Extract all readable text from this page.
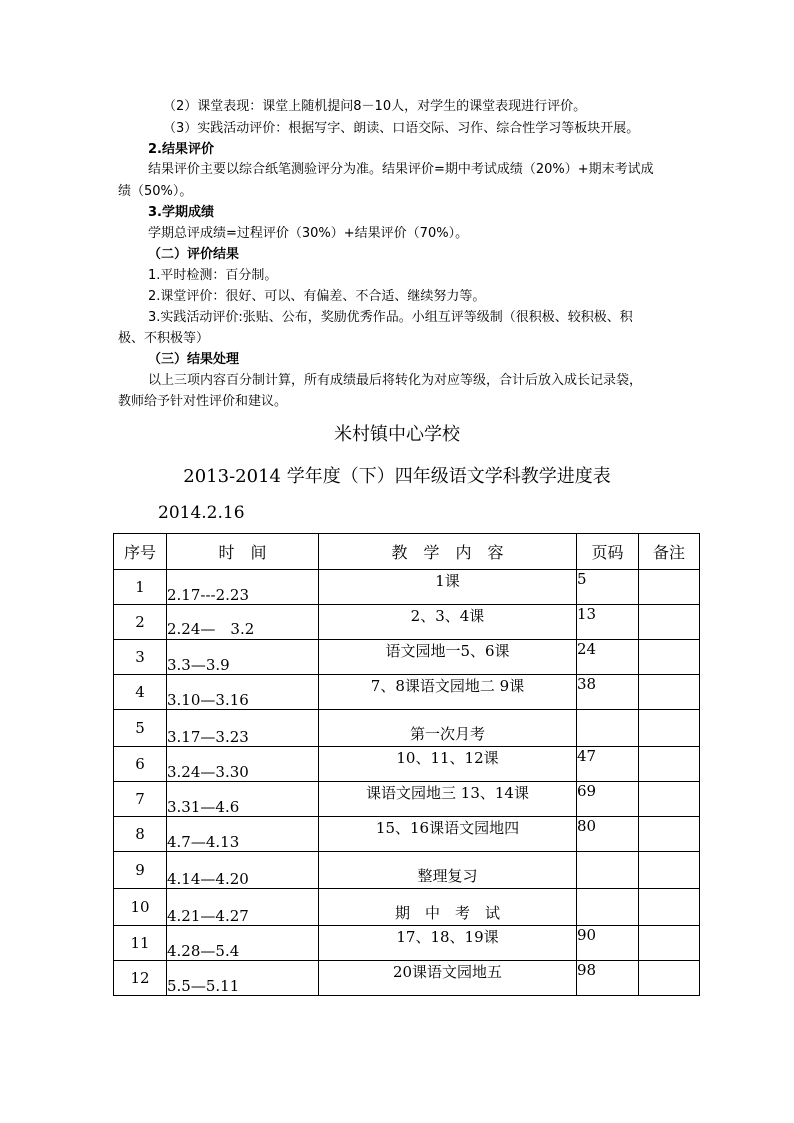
（2）课堂表现：课堂上随机提问8－10人，对学生的课堂表现进行评价。
（3）实践活动评价：根据写字、朗读、口语交际、习作、综合性学习等板块开展。
2.结果评价
结果评价主要以综合纸笔测验评分为准。结果评价=期中考试成绩（20%）+期末考试成
绩（50%）。
3.学期成绩
学期总评成绩=过程评价（30%）+结果评价（70%）。
（二）评价结果
1.平时检测：百分制。
2.课堂评价：很好、可以、有偏差、不合适、继续努力等。
3.实践活动评价:张贴、公布，奖励优秀作品。小组互评等级制（很积极、较积极、积
极、不积极等）
（三）结果处理
以上三项内容百分制计算，所有成绩最后将转化为对应等级，合计后放入成长记录袋，
教师给予针对性评价和建议。
米村镇中心学校
2013-2014 学年度（下）四年级语文学科教学进度表
2014.2.16
序号	时　间	教　学　内　容	页码	备注
1	2.17---2.23	1课	5	
2	2.24—　3.2	2、3、4课	13	
3	3.3—3.9	语文园地一5、6课	24	
4	3.10—3.16	7、8课语文园地二 9课	38	
5	3.17—3.23	第一次月考		
6	3.24—3.30	10、11、12课	47	
7	3.31—4.6	课语文园地三 13、14课	69	
8	4.7—4.13	15、16课语文园地四	80	
9	4.14—4.20	整理复习		
10	4.21—4.27	期　中　考　试		
11	4.28—5.4	17、18、19课	90	
12	5.5—5.11	20课语文园地五	98	
